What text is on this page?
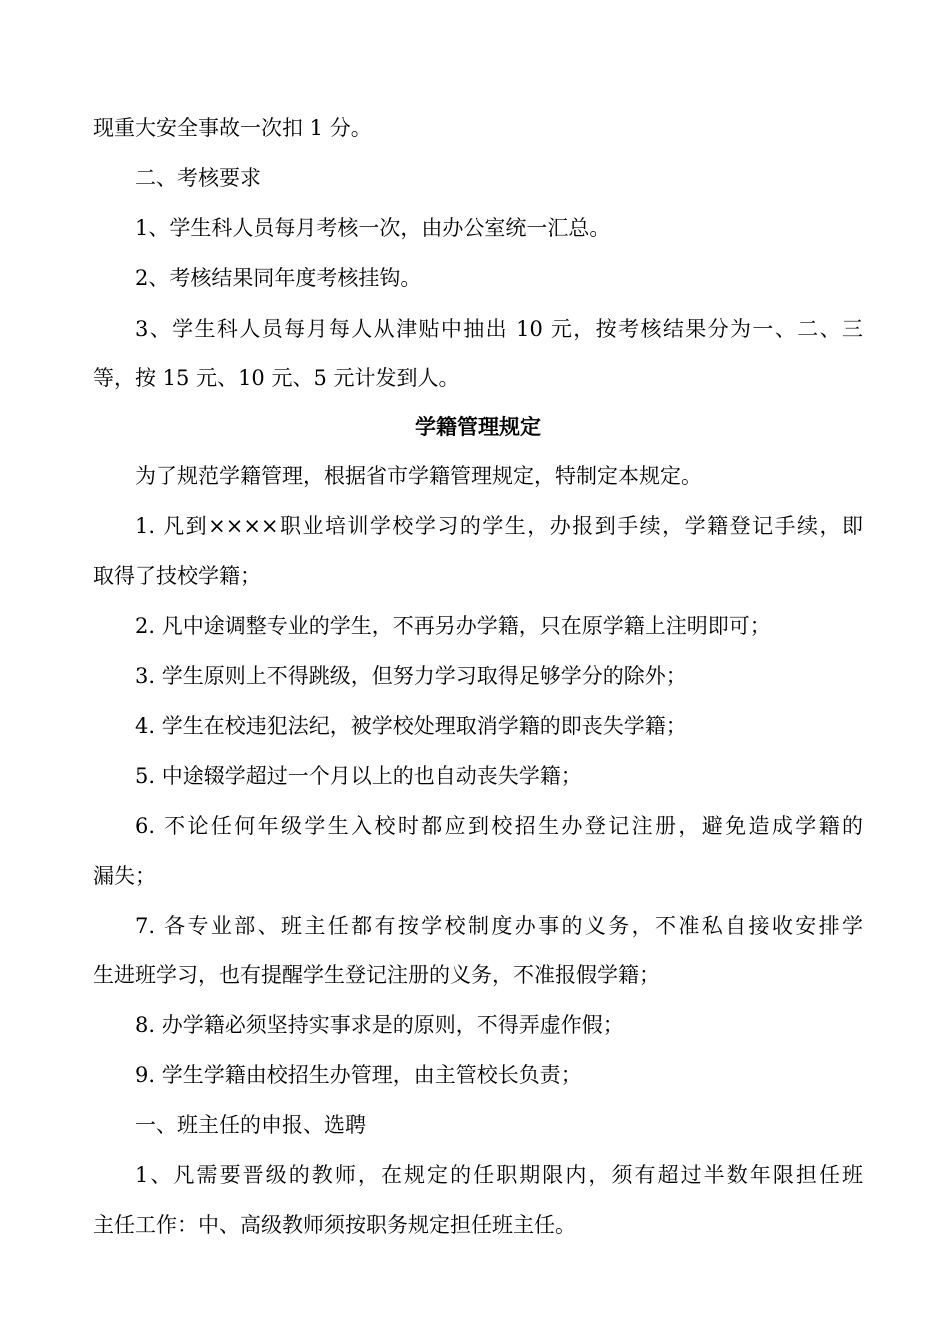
现重大安全事故一次扣 1 分。
二、考核要求
1、学生科人员每月考核一次，由办公室统一汇总。
2、考核结果同年度考核挂钩。
3、学生科人员每月每人从津贴中抽出 10 元，按考核结果分为一、二、三
等，按 15 元、10 元、5 元计发到人。
学籍管理规定
为了规范学籍管理，根据省市学籍管理规定，特制定本规定。
1. 凡到××××职业培训学校学习的学生，办报到手续，学籍登记手续，即
取得了技校学籍；
2. 凡中途调整专业的学生，不再另办学籍，只在原学籍上注明即可；
3. 学生原则上不得跳级，但努力学习取得足够学分的除外；
4. 学生在校违犯法纪，被学校处理取消学籍的即丧失学籍；
5. 中途辍学超过一个月以上的也自动丧失学籍；
6. 不论任何年级学生入校时都应到校招生办登记注册，避免造成学籍的
漏失；
7. 各专业部、班主任都有按学校制度办事的义务，不准私自接收安排学
生进班学习，也有提醒学生登记注册的义务，不准报假学籍；
8. 办学籍必须坚持实事求是的原则，不得弄虚作假；
9. 学生学籍由校招生办管理，由主管校长负责；
一、班主任的申报、选聘
1、凡需要晋级的教师，在规定的任职期限内，须有超过半数年限担任班
主任工作：中、高级教师须按职务规定担任班主任。
